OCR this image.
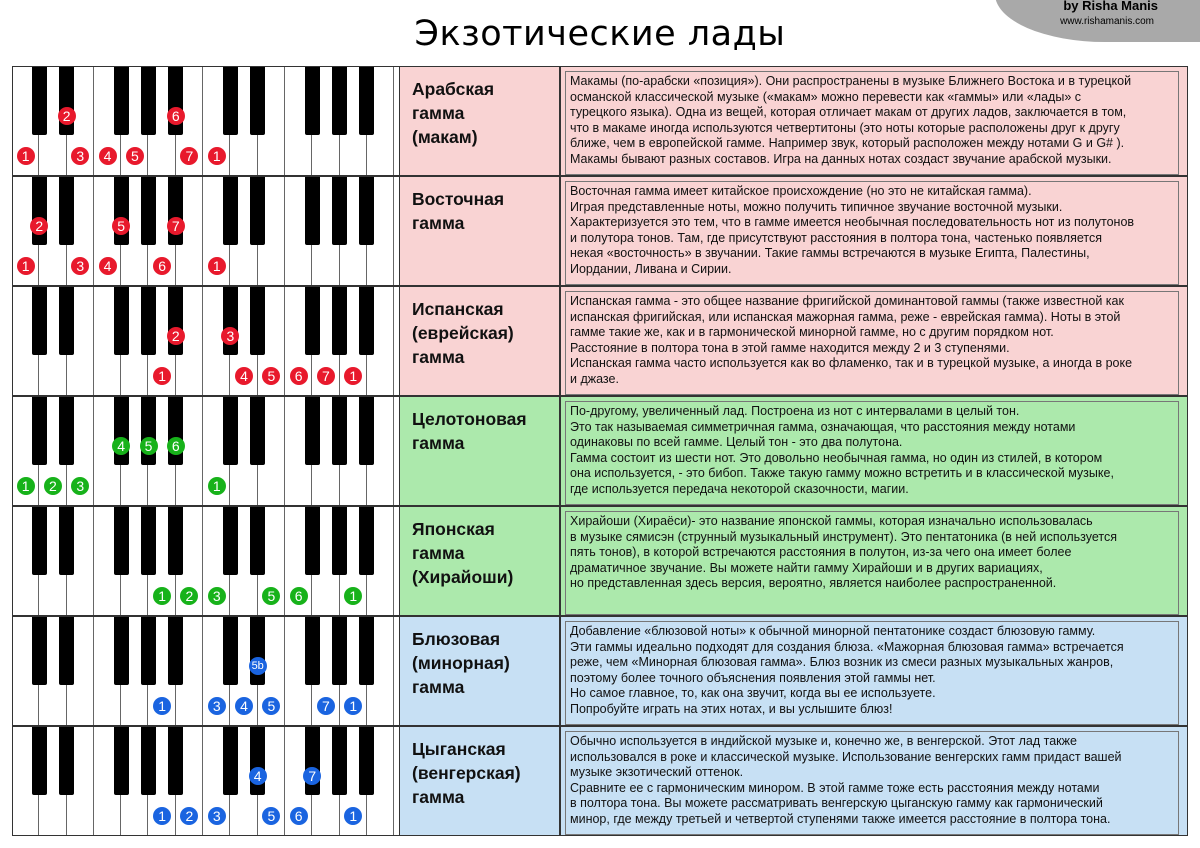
Экзотические лады
by Risha Manis
www.rishamanis.com
1
2
3	4	5
6
7	1
Арабская
гамма
(макам)
Макамы (по-арабски «позиция»). Они распространены в музыке Ближнего Востока и в турецкой
османской классической музыке («макам» можно перевести как «гаммы» или «лады» с
турецкого языка). Одна из вещей, которая отличает макам от других ладов, заключается в том,
что в макаме иногда используются четвертитоны (это ноты которые расположены друг к другу
ближе, чем в европейской гамме. Например звук, который расположен между нотами G и G# ).
Макамы бывают разных составов. Игра на данных нотах создаст звучание арабской музыки.
1
2
3	4
5
6
7
1
Восточная
гамма
Восточная гамма имеет китайское происхождение (но это не китайская гамма).
Играя представленные ноты, можно получить типичное звучание восточной музыки.
Характеризуется это тем, что в гамме имеется необычная последовательность нот из полутонов
и полутора тонов. Там, где присутствуют расстояния в полтора тона, частенько появляется
некая «восточность» в звучании. Такие гаммы встречаются в музыке Египта, Палестины,
Иордании, Ливана и Сирии.
1
2	3
4	5	6	7	1
Испанская
(еврейская)
гамма
Испанская гамма - это общее название фригийской доминантовой гаммы (также известной как
испанская фригийская, или испанская мажорная гамма, реже - еврейская гамма). Ноты в этой
гамме такие же, как и в гармонической минорной гамме, но с другим порядком нот.
Расстояние в полтора тона в этой гамме находится между 2 и 3 ступенями.
Испанская гамма часто используется как во фламенко, так и в турецкой музыке, а иногда в роке
и джазе.
1	2	3
4	5	6
1
Целотоновая
гамма
По-другому, увеличенный лад. Построена из нот с интервалами в целый тон.
Это так называемая симметричная гамма, означающая, что расстояния между нотами
одинаковы по всей гамме. Целый тон - это два полутона.
Гамма состоит из шести нот. Это довольно необычная гамма, но один из стилей, в котором
она используется, - это бибоп. Также такую гамму можно встретить и в классической музыке,
где используется передача некоторой сказочности, магии.
1	2	3	5	6	1
Японская
гамма
(Хирайоши)
Хирайоши (Хираёси)- это название японской гаммы, которая изначально использовалась
в музыке сямисэн (струнный музыкальный инструмент). Это пентатоника (в ней используется
пять тонов), в которой встречаются расстояния в полутон, из-за чего она имеет более
драматичное звучание. Вы можете найти гамму Хирайоши и в других вариациях,
но представленная здесь версия, вероятно, является наиболее распространенной.
1	3	4
5b
5	7	1
Блюзовая
(минорная)
гамма
Добавление «блюзовой ноты» к обычной минорной пентатонике создаст блюзовую гамму.
Эти гаммы идеально подходят для создания блюза. «Мажорная блюзовая гамма» встречается
реже, чем «Минорная блюзовая гамма». Блюз возник из смеси разных музыкальных жанров,
поэтому более точного объяснения появления этой гаммы нет.
Но самое главное, то, как она звучит, когда вы ее используете.
Попробуйте играть на этих нотах, и вы услышите блюз!
1	2	3
4
5	6
7
1
Цыганская
(венгерская)
гамма
Обычно используется в индийской музыке и, конечно же, в венгерской. Этот лад также
использовался в роке и классической музыке. Использование венгерских гамм придаст вашей
музыке экзотический оттенок.
Сравните ее с гармоническим минором. В этой гамме тоже есть расстояния между нотами
в полтора тона. Вы можете рассматривать венгерскую цыганскую гамму как гармонический
минор, где между третьей и четвертой ступенями также имеется расстояние в полтора тона.
